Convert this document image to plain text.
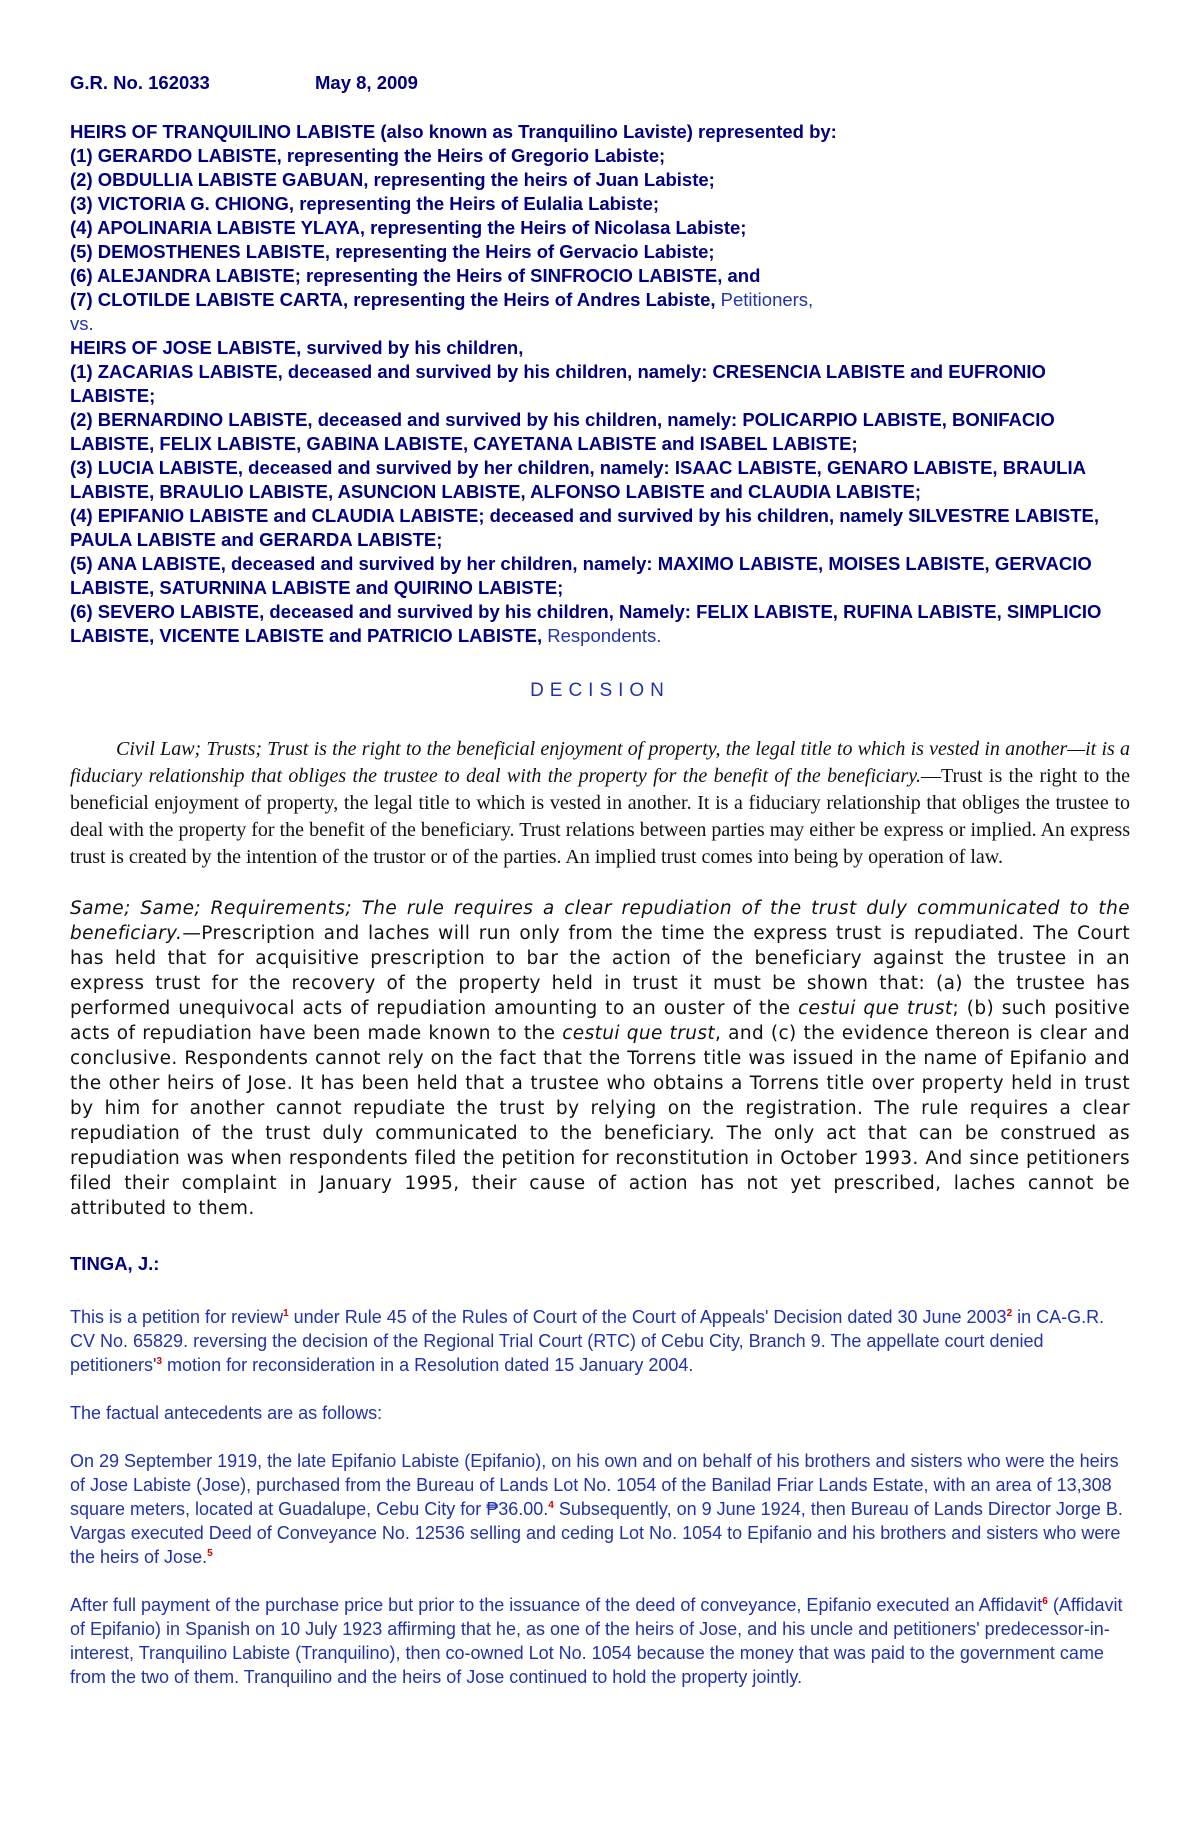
G.R. No. 162033	May 8, 2009
HEIRS OF TRANQUILINO LABISTE (also known as Tranquilino Laviste) represented by:
(1) GERARDO LABISTE, representing the Heirs of Gregorio Labiste;
(2) OBDULLIA LABISTE GABUAN, representing the heirs of Juan Labiste;
(3) VICTORIA G. CHIONG, representing the Heirs of Eulalia Labiste;
(4) APOLINARIA LABISTE YLAYA, representing the Heirs of Nicolasa Labiste;
(5) DEMOSTHENES LABISTE, representing the Heirs of Gervacio Labiste;
(6) ALEJANDRA LABISTE; representing the Heirs of SINFROCIO LABISTE, and
(7) CLOTILDE LABISTE CARTA, representing the Heirs of Andres Labiste, Petitioners,
vs.
HEIRS OF JOSE LABISTE, survived by his children,
(1) ZACARIAS LABISTE, deceased and survived by his children, namely: CRESENCIA LABISTE and EUFRONIO LABISTE;
(2) BERNARDINO LABISTE, deceased and survived by his children, namely: POLICARPIO LABISTE, BONIFACIO LABISTE, FELIX LABISTE, GABINA LABISTE, CAYETANA LABISTE and ISABEL LABISTE;
(3) LUCIA LABISTE, deceased and survived by her children, namely: ISAAC LABISTE, GENARO LABISTE, BRAULIA LABISTE, BRAULIO LABISTE, ASUNCION LABISTE, ALFONSO LABISTE and CLAUDIA LABISTE;
(4) EPIFANIO LABISTE and CLAUDIA LABISTE; deceased and survived by his children, namely SILVESTRE LABISTE, PAULA LABISTE and GERARDA LABISTE;
(5) ANA LABISTE, deceased and survived by her children, namely: MAXIMO LABISTE, MOISES LABISTE, GERVACIO LABISTE, SATURNINA LABISTE and QUIRINO LABISTE;
(6) SEVERO LABISTE, deceased and survived by his children, Namely: FELIX LABISTE, RUFINA LABISTE, SIMPLICIO LABISTE, VICENTE LABISTE and PATRICIO LABISTE, Respondents.
DECISION

Civil Law; Trusts; Trust is the right to the beneficial enjoyment of property, the legal title to which is vested in another—it is a fiduciary relationship that obliges the trustee to deal with the property for the benefit of the beneficiary.—Trust is the right to the beneficial enjoyment of property, the legal title to which is vested in another. It is a fiduciary relationship that obliges the trustee to deal with the property for the benefit of the beneficiary. Trust relations between parties may either be express or implied. An express trust is created by the intention of the trustor or of the parties. An implied trust comes into being by operation of law.

Same; Same; Requirements; The rule requires a clear repudiation of the trust duly communicated to the beneficiary.—Prescription and laches will run only from the time the express trust is repudiated. The Court has held that for acquisitive prescription to bar the action of the beneficiary against the trustee in an express trust for the recovery of the property held in trust it must be shown that: (a) the trustee has performed unequivocal acts of repudiation amounting to an ouster of the cestui que trust; (b) such positive acts of repudiation have been made known to the cestui que trust, and (c) the evidence thereon is clear and conclusive. Respondents cannot rely on the fact that the Torrens title was issued in the name of Epifanio and the other heirs of Jose. It has been held that a trustee who obtains a Torrens title over property held in trust by him for another cannot repudiate the trust by relying on the registration. The rule requires a clear repudiation of the trust duly communicated to the beneficiary. The only act that can be construed as repudiation was when respondents filed the petition for reconstitution in October 1993. And since petitioners filed their complaint in January 1995, their cause of action has not yet prescribed, laches cannot be attributed to them.

TINGA, J.:

This is a petition for review$^1$ under Rule 45 of the Rules of Court of the Court of Appeals' Decision dated 30 June 2003$^2$ in CA-G.R. CV No. 65829. reversing the decision of the Regional Trial Court (RTC) of Cebu City, Branch 9. The appellate court denied petitioners'$^3$ motion for reconsideration in a Resolution dated 15 January 2004.

The factual antecedents are as follows:

On 29 September 1919, the late Epifanio Labiste (Epifanio), on his own and on behalf of his brothers and sisters who were the heirs of Jose Labiste (Jose), purchased from the Bureau of Lands Lot No. 1054 of the Banilad Friar Lands Estate, with an area of 13,308 square meters, located at Guadalupe, Cebu City for ₱36.00.$^4$ Subsequently, on 9 June 1924, then Bureau of Lands Director Jorge B. Vargas executed Deed of Conveyance No. 12536 selling and ceding Lot No. 1054 to Epifanio and his brothers and sisters who were the heirs of Jose.$^5$

After full payment of the purchase price but prior to the issuance of the deed of conveyance, Epifanio executed an Affidavit$^6$ (Affidavit of Epifanio) in Spanish on 10 July 1923 affirming that he, as one of the heirs of Jose, and his uncle and petitioners' predecessor-in-interest, Tranquilino Labiste (Tranquilino), then co-owned Lot No. 1054 because the money that was paid to the government came from the two of them. Tranquilino and the heirs of Jose continued to hold the property jointly.
